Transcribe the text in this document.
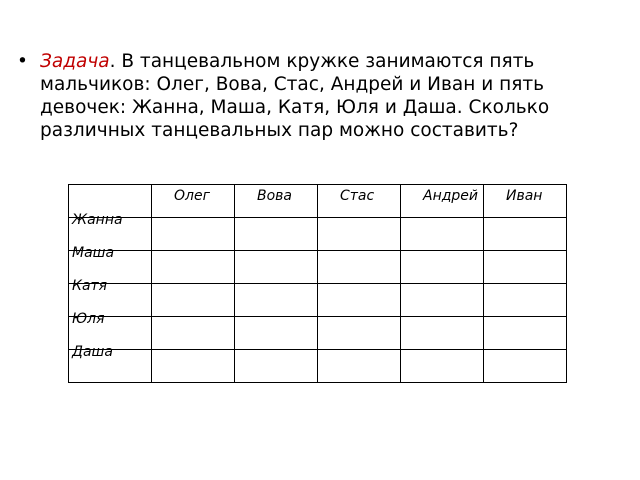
• Задача. В танцевальном кружке занимаются пять мальчиков: Олег, Вова, Стас, Андрей и Иван и пять девочек: Жанна, Маша, Катя, Юля и Даша. Сколько различных танцевальных пар можно составить?

	Олег	Вова	Стас	Андрей	Иван

Жанна					

Маша					

Катя					

Юля					

Даша					
